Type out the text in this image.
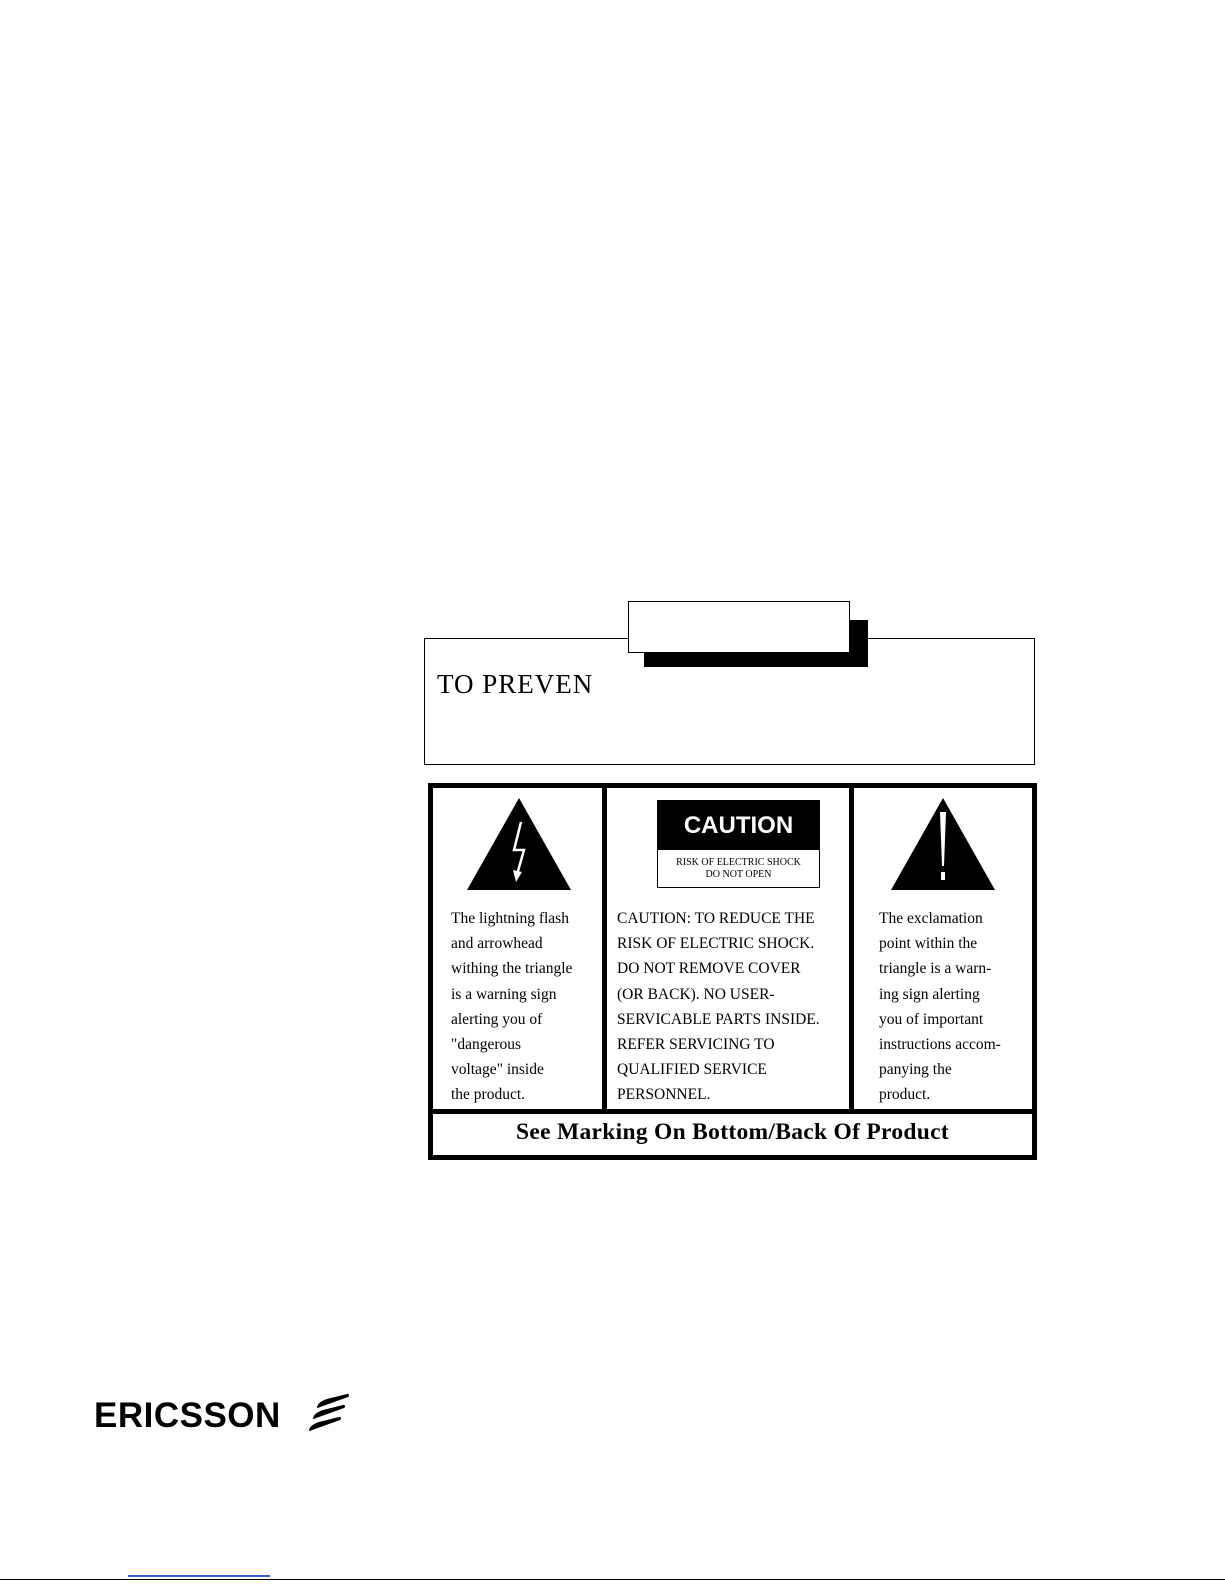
TO PREVEN

The lightning flash

and arrowhead

withing the triangle

is a warning sign

alerting you of

"dangerous

voltage" inside

the product.

CAUTION

RISK OF ELECTRIC SHOCK

DO NOT OPEN

CAUTION: TO REDUCE THE

RISK OF ELECTRIC SHOCK.

DO NOT REMOVE COVER

(OR BACK). NO USER-

SERVICABLE PARTS INSIDE.

REFER SERVICING TO

QUALIFIED SERVICE

PERSONNEL.

The exclamation

point within the

triangle is a warn-

ing sign alerting

you of important

instructions accom-

panying the

product.

See Marking On Bottom/Back Of Product
ERICSSON
